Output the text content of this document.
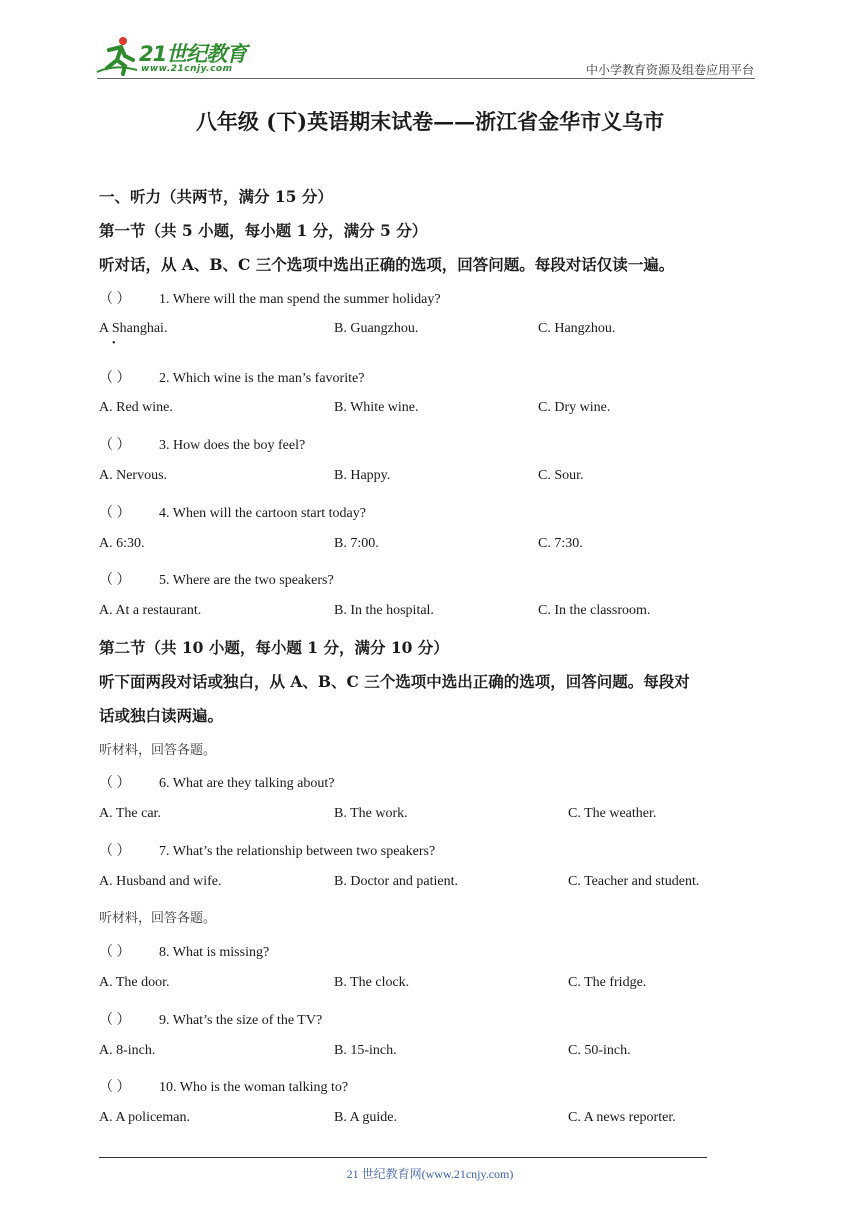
21世纪教育
www.21cnjy.com	中小学教育资源及组卷应用平台
八年级 (下)英语期末试卷——浙江省金华市义乌市
一、听力（共两节，满分 15 分）
第一节（共 5 小题，每小题 1 分，满分 5 分）
听对话，从 A、B、C 三个选项中选出正确的选项，回答问题。每段对话仅读一遍。
（ ） 1. Where will the man spend the summer holiday?
A Shanghai.
•
B. Guangzhou.	C. Hangzhou.
（ ） 2. Which wine is the man’s favorite?
A. Red wine.	B. White wine.	C. Dry wine.
（ ） 3. How does the boy feel?
A. Nervous.	B. Happy.	C. Sour.
（ ） 4. When will the cartoon start today?
A. 6:30.	B. 7:00.	C. 7:30.
（ ） 5. Where are the two speakers?
A. At a restaurant.	B. In the hospital.	C. In the classroom.
第二节（共 10 小题，每小题 1 分，满分 10 分）
听下面两段对话或独白，从 A、B、C 三个选项中选出正确的选项，回答问题。每段对
话或独白读两遍。
听材料，回答各题。
（ ） 6. What are they talking about?
A. The car.	B. The work.	C. The weather.
（ ） 7. What’s the relationship between two speakers?
A. Husband and wife.	B. Doctor and patient.	C. Teacher and student.
听材料，回答各题。
（ ） 8. What is missing?
A. The door.	B. The clock.	C. The fridge.
（ ） 9. What’s the size of the TV?
A. 8-inch.	B. 15-inch.	C. 50-inch.
（ ） 10. Who is the woman talking to?
A. A policeman.	B. A guide.	C. A news reporter.
21 世纪教育网(www.21cnjy.com)
